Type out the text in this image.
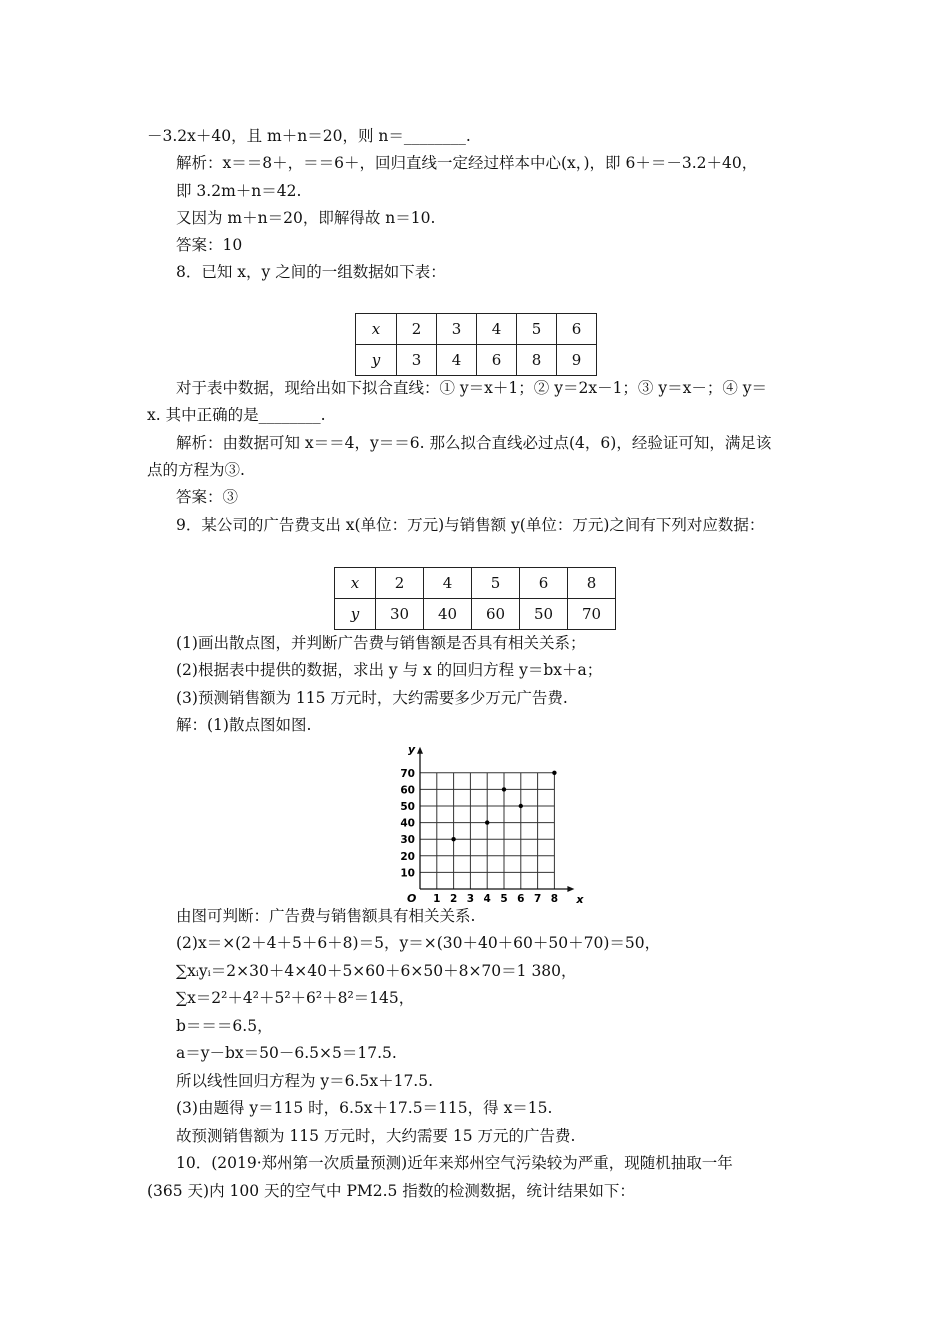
－3.2x＋40，且 m＋n＝20，则 n＝________.
解析：x＝＝8＋，＝＝6＋，回归直线一定经过样本中心(x，)，即 6＋＝－3.2＋40，
即 3.2m＋n＝42.
又因为 m＋n＝20，即解得故 n＝10.
答案：10
8．已知 x，y 之间的一组数据如下表：
x	2	3	4	5	6
y	3	4	6	8	9
对于表中数据，现给出如下拟合直线：① y＝x＋1；② y＝2x－1；③ y＝x－；④ y＝
x. 其中正确的是________.
解析：由数据可知 x＝＝4，y＝＝6. 那么拟合直线必过点(4，6)，经验证可知，满足该
点的方程为③.
答案：③
9．某公司的广告费支出 x(单位：万元)与销售额 y(单位：万元)之间有下列对应数据：
x	2	4	5	6	8
y	30	40	60	50	70
(1)画出散点图，并判断广告费与销售额是否具有相关关系；
(2)根据表中提供的数据，求出 y 与 x 的回归方程 y＝bx＋a；
(3)预测销售额为 115 万元时，大约需要多少万元广告费.
解：(1)散点图如图.
x
y
O 1 2 3 4 5 6 7 8
10
20
30
40
50
60
70
由图可判断：广告费与销售额具有相关关系.
(2)x＝×(2＋4＋5＋6＋8)＝5，y＝×(30＋40＋60＋50＋70)＝50，
∑xᵢyᵢ＝2×30＋4×40＋5×60＋6×50＋8×70＝1 380，
∑x＝2²＋4²＋5²＋6²＋8²＝145，
b＝＝＝6.5，
a＝y－bx＝50－6.5×5＝17.5.
所以线性回归方程为 y＝6.5x＋17.5.
(3)由题得 y＝115 时，6.5x＋17.5＝115，得 x＝15.
故预测销售额为 115 万元时，大约需要 15 万元的广告费.
10．(2019·郑州第一次质量预测)近年来郑州空气污染较为严重，现随机抽取一年
(365 天)内 100 天的空气中 PM2.5 指数的检测数据，统计结果如下：
